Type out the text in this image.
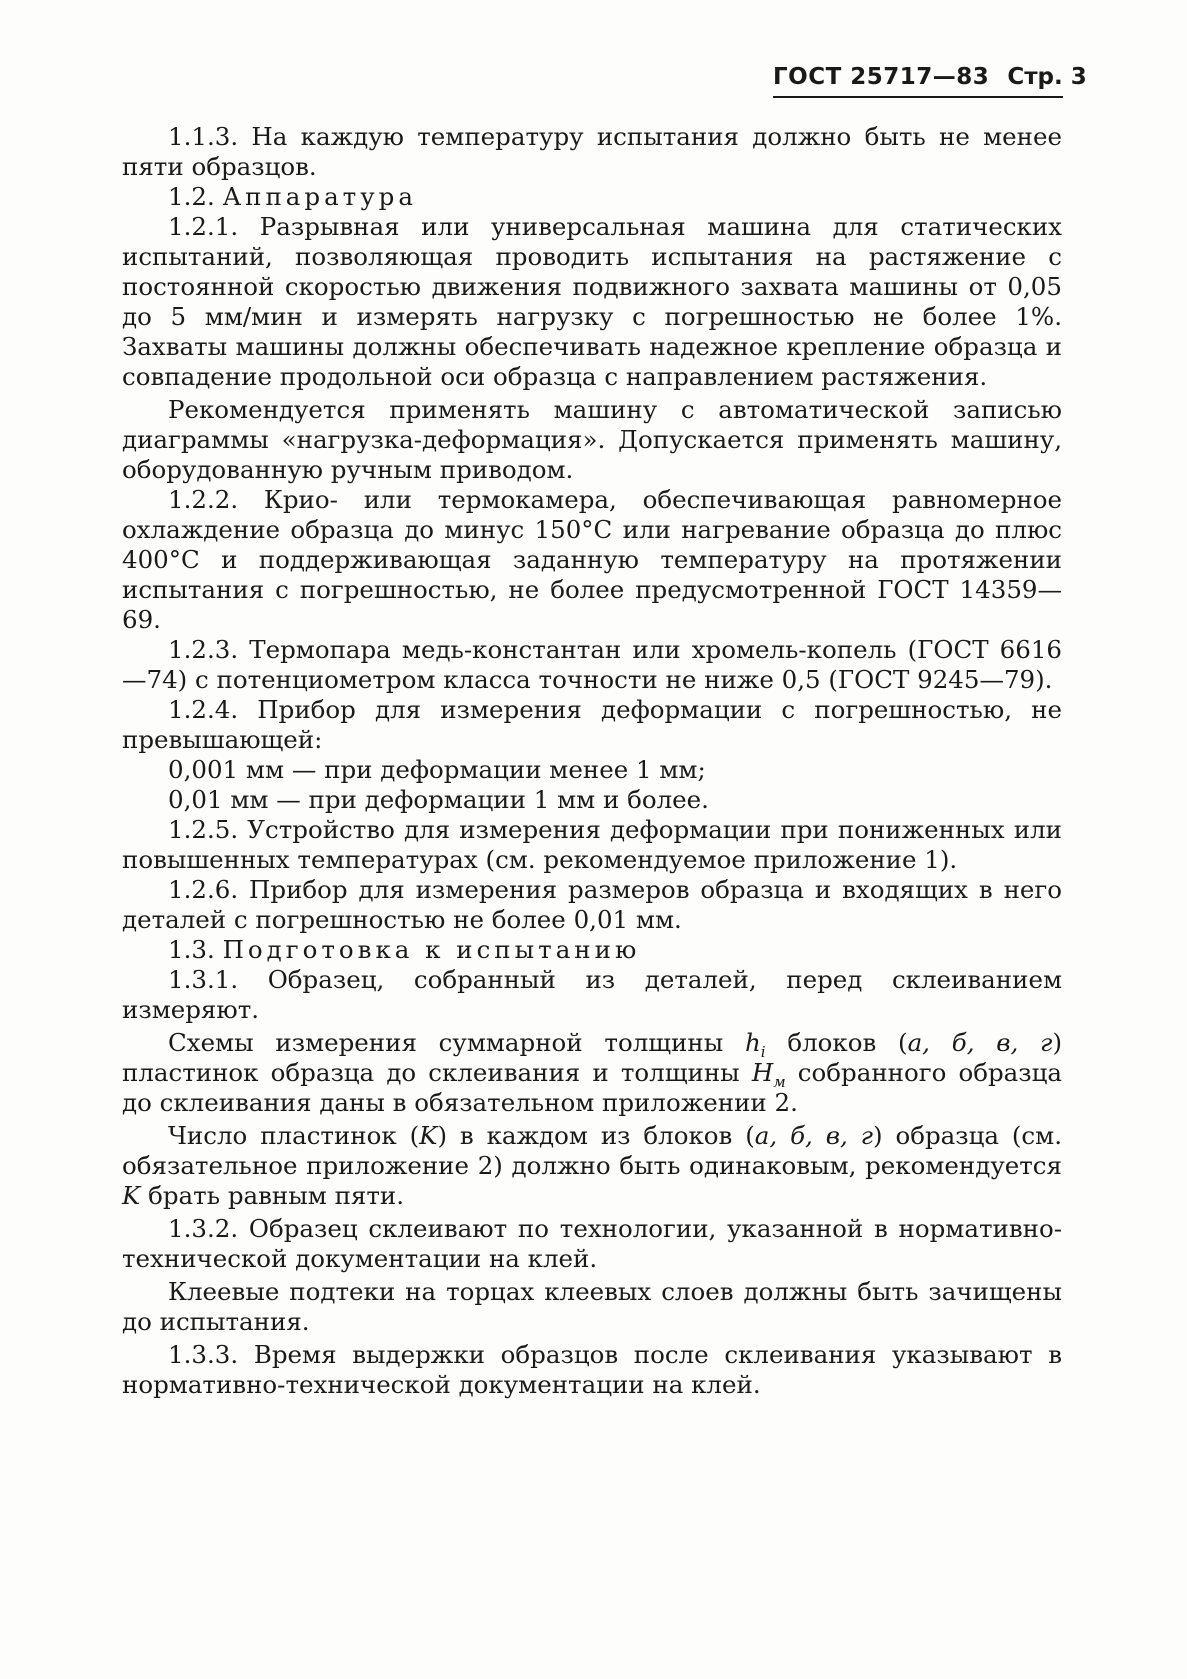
ГОСТ 25717—83 Стр. 3

1.1.3. На каждую температуру испытания должно быть не менее пяти образцов.

1.2. Аппаратура

1.2.1. Разрывная или универсальная машина для статических испытаний, позволяющая проводить испытания на растяжение с постоянной скоростью движения подвижного захвата машины от 0,05 до 5 мм/мин и измерять нагрузку с погрешностью не более 1%. Захваты машины должны обеспечивать надежное крепление образца и совпадение продольной оси образца с направлением растяжения.

Рекомендуется применять машину с автоматической записью диаграммы «нагрузка-деформация». Допускается применять машину, оборудованную ручным приводом.

1.2.2. Крио- или термокамера, обеспечивающая равномерное охлаждение образца до минус 150°С или нагревание образца до плюс 400°С и поддерживающая заданную температуру на протяжении испытания с погрешностью, не более предусмотренной ГОСТ 14359—69.

1.2.3. Термопара медь-константан или хромель-копель (ГОСТ 6616—74) с потенциометром класса точности не ниже 0,5 (ГОСТ 9245—79).

1.2.4. Прибор для измерения деформации с погрешностью, не превышающей:

0,001 мм — при деформации менее 1 мм;

0,01 мм — при деформации 1 мм и более.

1.2.5. Устройство для измерения деформации при пониженных или повышенных температурах (см. рекомендуемое приложение 1).

1.2.6. Прибор для измерения размеров образца и входящих в него деталей с погрешностью не более 0,01 мм.

1.3. Подготовка к испытанию

1.3.1. Образец, собранный из деталей, перед склеиванием измеряют.

Схемы измерения суммарной толщины $h_i$ блоков (а, б, в, г) пластинок образца до склеивания и толщины $H_м$ собранного образца до склеивания даны в обязательном приложении 2.

Число пластинок (K) в каждом из блоков (а, б, в, г) образца (см. обязательное приложение 2) должно быть одинаковым, рекомендуется K брать равным пяти.

1.3.2. Образец склеивают по технологии, указанной в нормативно-технической документации на клей.

Клеевые подтеки на торцах клеевых слоев должны быть зачищены до испытания.

1.3.3. Время выдержки образцов после склеивания указывают в нормативно-технической документации на клей.
